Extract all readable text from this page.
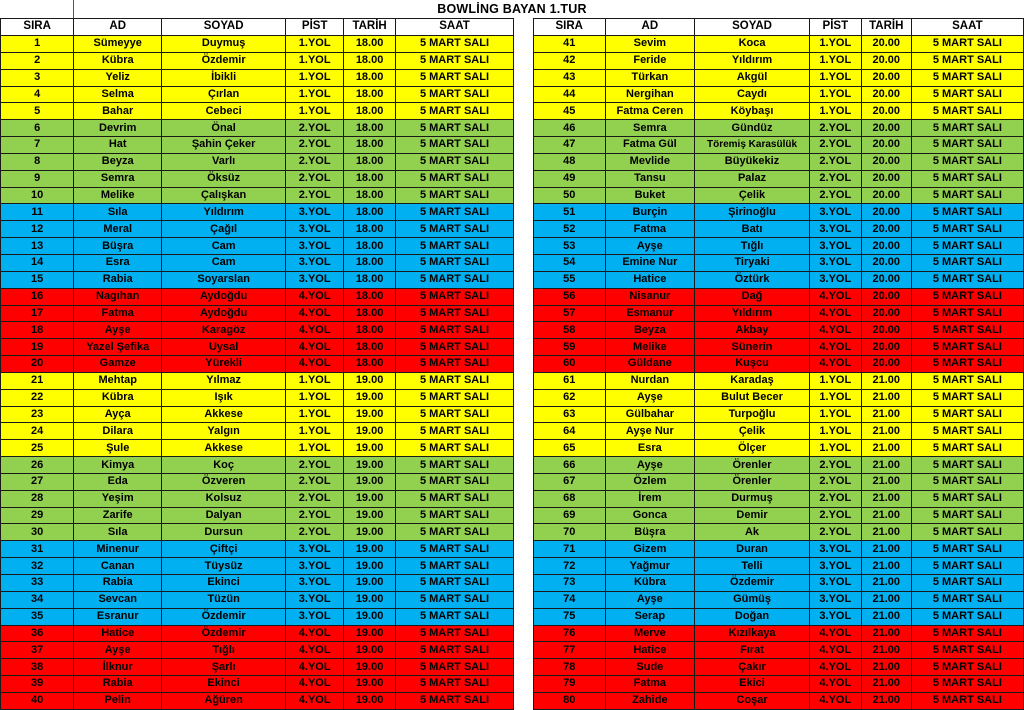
BOWLİNG BAYAN 1.TUR
SIRA	AD	SOYAD	PİST	TARİH	SAAT
1	Sümeyye	Duymuş	1.YOL	18.00	5 MART SALI
2	Kübra	Özdemir	1.YOL	18.00	5 MART SALI
3	Yeliz	İbikli	1.YOL	18.00	5 MART SALI
4	Selma	Çırlan	1.YOL	18.00	5 MART SALI
5	Bahar	Cebeci	1.YOL	18.00	5 MART SALI
6	Devrim	Önal	2.YOL	18.00	5 MART SALI
7	Hat	Şahin Çeker	2.YOL	18.00	5 MART SALI
8	Beyza	Varlı	2.YOL	18.00	5 MART SALI
9	Semra	Öksüz	2.YOL	18.00	5 MART SALI
10	Melike	Çalışkan	2.YOL	18.00	5 MART SALI
11	Sıla	Yıldırım	3.YOL	18.00	5 MART SALI
12	Meral	Çağıl	3.YOL	18.00	5 MART SALI
13	Büşra	Cam	3.YOL	18.00	5 MART SALI
14	Esra	Cam	3.YOL	18.00	5 MART SALI
15	Rabia	Soyarslan	3.YOL	18.00	5 MART SALI
16	Nagıhan	Aydoğdu	4.YOL	18.00	5 MART SALI
17	Fatma	Aydoğdu	4.YOL	18.00	5 MART SALI
18	Ayşe	Karagöz	4.YOL	18.00	5 MART SALI
19	Yazel Şefika	Uysal	4.YOL	18.00	5 MART SALI
20	Gamze	Yürekli	4.YOL	18.00	5 MART SALI
21	Mehtap	Yılmaz	1.YOL	19.00	5 MART SALI
22	Kübra	Işık	1.YOL	19.00	5 MART SALI
23	Ayça	Akkese	1.YOL	19.00	5 MART SALI
24	Dilara	Yalgın	1.YOL	19.00	5 MART SALI
25	Şule	Akkese	1.YOL	19.00	5 MART SALI
26	Kimya	Koç	2.YOL	19.00	5 MART SALI
27	Eda	Özveren	2.YOL	19.00	5 MART SALI
28	Yeşim	Kolsuz	2.YOL	19.00	5 MART SALI
29	Zarife	Dalyan	2.YOL	19.00	5 MART SALI
30	Sıla	Dursun	2.YOL	19.00	5 MART SALI
31	Minenur	Çiftçi	3.YOL	19.00	5 MART SALI
32	Canan	Tüysüz	3.YOL	19.00	5 MART SALI
33	Rabia	Ekinci	3.YOL	19.00	5 MART SALI
34	Sevcan	Tüzün	3.YOL	19.00	5 MART SALI
35	Esranur	Özdemir	3.YOL	19.00	5 MART SALI
36	Hatice	Özdemir	4.YOL	19.00	5 MART SALI
37	Ayşe	Tığlı	4.YOL	19.00	5 MART SALI
38	İlknur	Şarlı	4.YOL	19.00	5 MART SALI
39	Rabia	Ekinci	4.YOL	19.00	5 MART SALI
40	Pelin	Ağüren	4.YOL	19.00	5 MART SALI
SIRA	AD	SOYAD	PİST	TARİH	SAAT
41	Sevim	Koca	1.YOL	20.00	5 MART SALI
42	Feride	Yıldırım	1.YOL	20.00	5 MART SALI
43	Türkan	Akgül	1.YOL	20.00	5 MART SALI
44	Nergihan	Caydı	1.YOL	20.00	5 MART SALI
45	Fatma Ceren	Köybaşı	1.YOL	20.00	5 MART SALI
46	Semra	Gündüz	2.YOL	20.00	5 MART SALI
47	Fatma Gül	Töremiş Karasülük	2.YOL	20.00	5 MART SALI
48	Mevlide	Büyükekiz	2.YOL	20.00	5 MART SALI
49	Tansu	Palaz	2.YOL	20.00	5 MART SALI
50	Buket	Çelik	2.YOL	20.00	5 MART SALI
51	Burçin	Şirinoğlu	3.YOL	20.00	5 MART SALI
52	Fatma	Batı	3.YOL	20.00	5 MART SALI
53	Ayşe	Tığlı	3.YOL	20.00	5 MART SALI
54	Emine Nur	Tiryaki	3.YOL	20.00	5 MART SALI
55	Hatice	Öztürk	3.YOL	20.00	5 MART SALI
56	Nisanur	Dağ	4.YOL	20.00	5 MART SALI
57	Esmanur	Yıldırım	4.YOL	20.00	5 MART SALI
58	Beyza	Akbay	4.YOL	20.00	5 MART SALI
59	Melike	Sünerin	4.YOL	20.00	5 MART SALI
60	Güldane	Kuşcu	4.YOL	20.00	5 MART SALI
61	Nurdan	Karadaş	1.YOL	21.00	5 MART SALI
62	Ayşe	Bulut Becer	1.YOL	21.00	5 MART SALI
63	Gülbahar	Turpoğlu	1.YOL	21.00	5 MART SALI
64	Ayşe Nur	Çelik	1.YOL	21.00	5 MART SALI
65	Esra	Ölçer	1.YOL	21.00	5 MART SALI
66	Ayşe	Örenler	2.YOL	21.00	5 MART SALI
67	Özlem	Örenler	2.YOL	21.00	5 MART SALI
68	İrem	Durmuş	2.YOL	21.00	5 MART SALI
69	Gonca	Demir	2.YOL	21.00	5 MART SALI
70	Büşra	Ak	2.YOL	21.00	5 MART SALI
71	Gizem	Duran	3.YOL	21.00	5 MART SALI
72	Yağmur	Telli	3.YOL	21.00	5 MART SALI
73	Kübra	Özdemir	3.YOL	21.00	5 MART SALI
74	Ayşe	Gümüş	3.YOL	21.00	5 MART SALI
75	Serap	Doğan	3.YOL	21.00	5 MART SALI
76	Merve	Kızılkaya	4.YOL	21.00	5 MART SALI
77	Hatice	Fırat	4.YOL	21.00	5 MART SALI
78	Sude	Çakır	4.YOL	21.00	5 MART SALI
79	Fatma	Ekici	4.YOL	21.00	5 MART SALI
80	Zahide	Coşar	4.YOL	21.00	5 MART SALI
